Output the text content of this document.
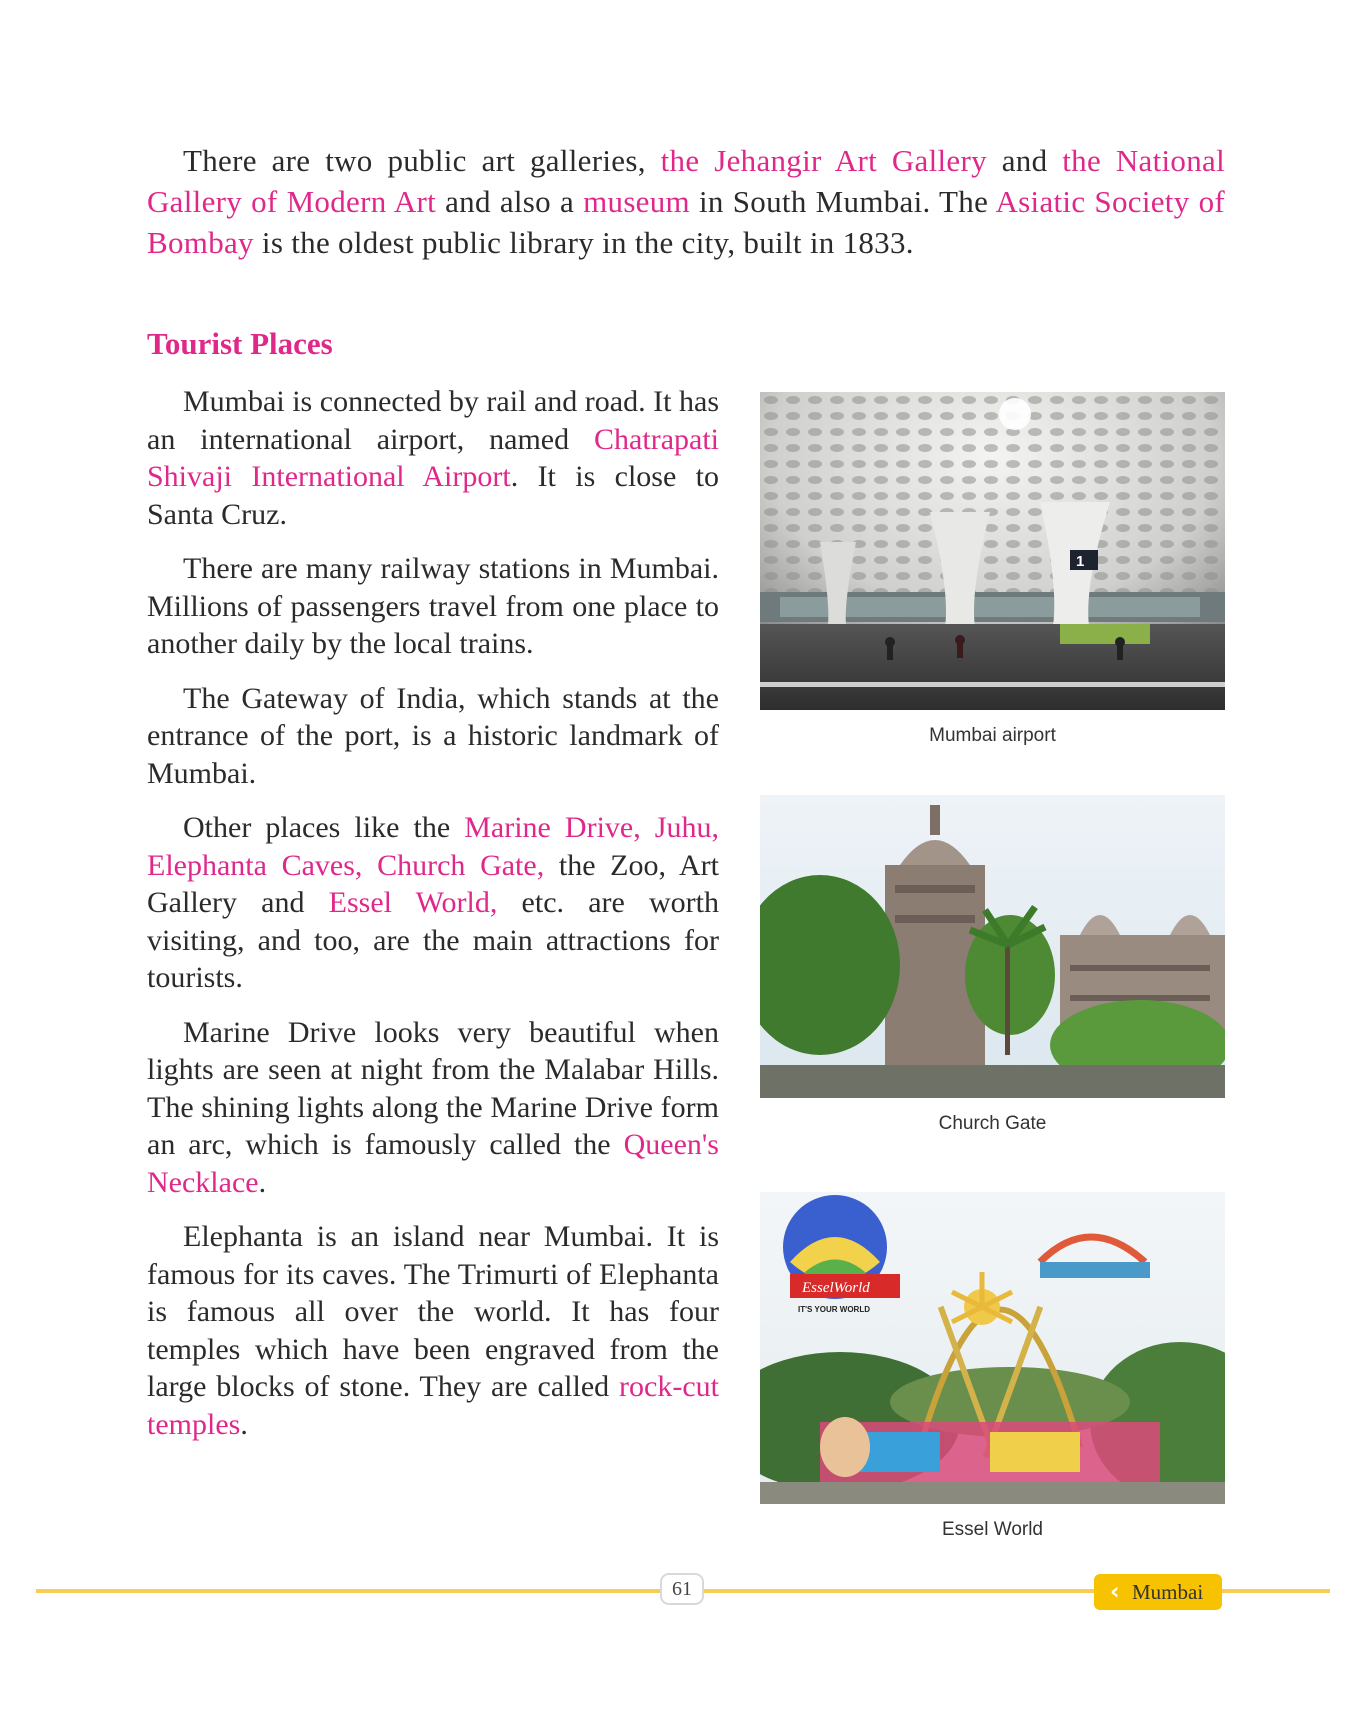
There are two public art galleries, the Jehangir Art Gallery and the National Gallery of Modern Art and also a museum in South Mumbai. The Asiatic Society of Bombay is the oldest public library in the city, built in 1833.

Tourist Places

Mumbai is connected by rail and road. It has an international airport, named Chatrapati Shivaji International Airport. It is close to Santa Cruz.

There are many railway stations in Mumbai. Millions of passengers travel from one place to another daily by the local trains.

The Gateway of India, which stands at the entrance of the port, is a historic landmark of Mumbai.

Other places like the Marine Drive, Juhu, Elephanta Caves, Church Gate, the Zoo, Art Gallery and Essel World, etc. are worth visiting, and too, are the main attractions for tourists.

Marine Drive looks very beautiful when lights are seen at night from the Malabar Hills. The shining lights along the Marine Drive form an arc, which is famously called the Queen's Necklace.

Elephanta is an island near Mumbai. It is famous for its caves. The Trimurti of Elephanta is famous all over the world. It has four temples which have been engraved from the large blocks of stone. They are called rock-cut temples.

1
Mumbai airport
Church Gate
EsselWorld
IT'S YOUR WORLD
Essel World
61	‹ Mumbai
